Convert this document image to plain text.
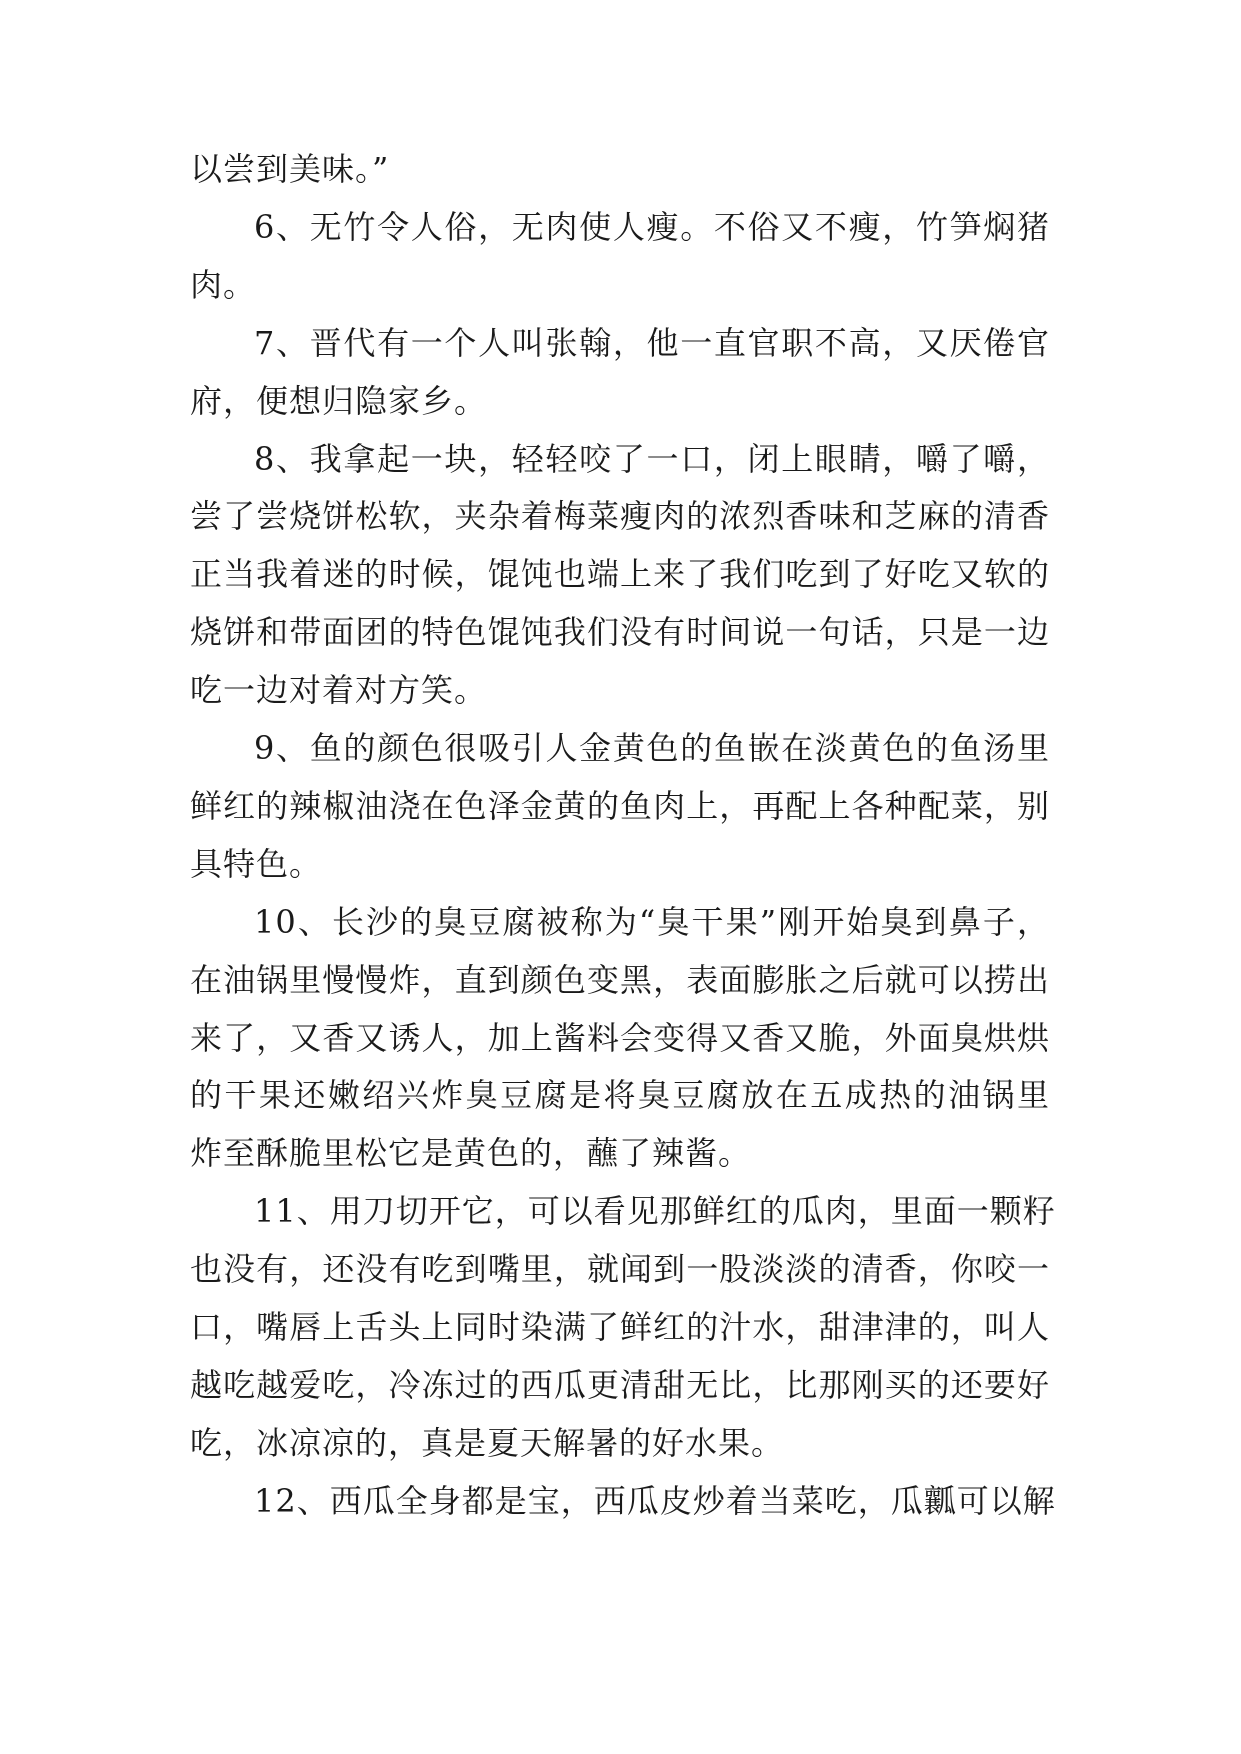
以尝到美味。”
6、无竹令人俗，无肉使人瘦。不俗又不瘦，竹笋焖猪
肉。
7、晋代有一个人叫张翰，他一直官职不高，又厌倦官
府，便想归隐家乡。
8、我拿起一块，轻轻咬了一口，闭上眼睛，嚼了嚼，
尝了尝烧饼松软，夹杂着梅菜瘦肉的浓烈香味和芝麻的清香
正当我着迷的时候，馄饨也端上来了我们吃到了好吃又软的
烧饼和带面团的特色馄饨我们没有时间说一句话，只是一边
吃一边对着对方笑。
9、鱼的颜色很吸引人金黄色的鱼嵌在淡黄色的鱼汤里
鲜红的辣椒油浇在色泽金黄的鱼肉上，再配上各种配菜，别
具特色。
10、长沙的臭豆腐被称为“臭干果”刚开始臭到鼻子，
在油锅里慢慢炸，直到颜色变黑，表面膨胀之后就可以捞出
来了，又香又诱人，加上酱料会变得又香又脆，外面臭烘烘
的干果还嫩绍兴炸臭豆腐是将臭豆腐放在五成热的油锅里
炸至酥脆里松它是黄色的，蘸了辣酱。
11、用刀切开它，可以看见那鲜红的瓜肉，里面一颗籽
也没有，还没有吃到嘴里，就闻到一股淡淡的清香，你咬一
口，嘴唇上舌头上同时染满了鲜红的汁水，甜津津的，叫人
越吃越爱吃，冷冻过的西瓜更清甜无比，比那刚买的还要好
吃，冰凉凉的，真是夏天解暑的好水果。
12、西瓜全身都是宝，西瓜皮炒着当菜吃，瓜瓤可以解
